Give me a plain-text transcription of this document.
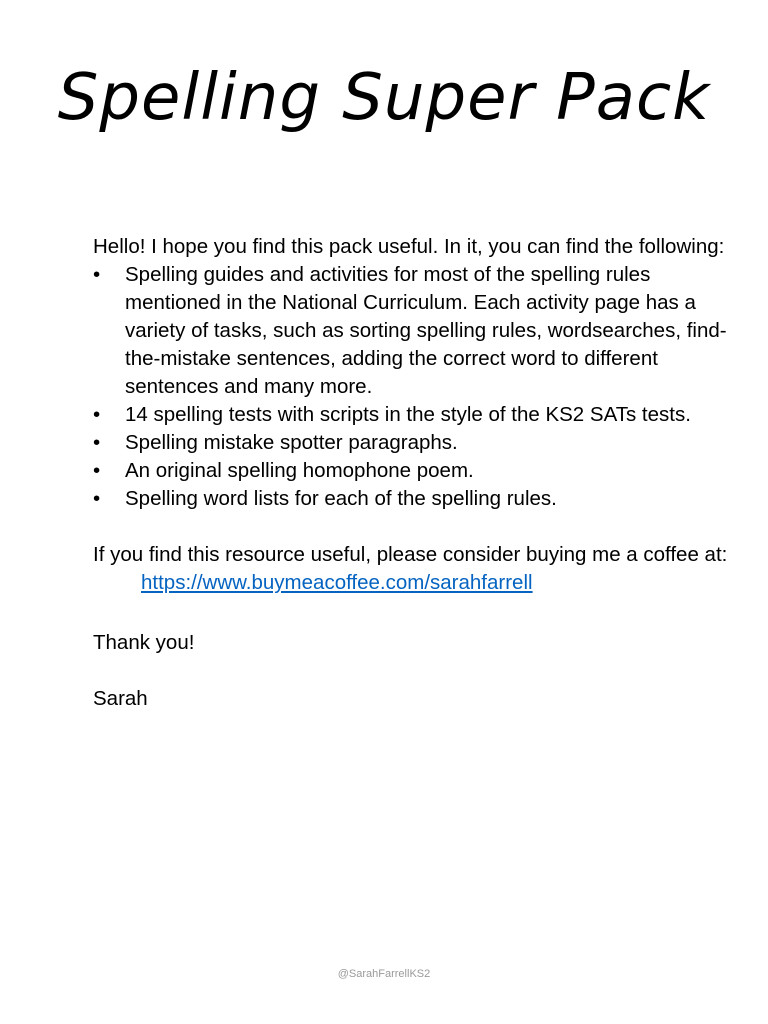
Spelling Super Pack

Hello! I hope you find this pack useful. In it, you can find the following:

• Spelling guides and activities for most of the spelling rules mentioned in the National Curriculum. Each activity page has a variety of tasks, such as sorting spelling rules, wordsearches, find-the-mistake sentences, adding the correct word to different sentences and many more.
• 14 spelling tests with scripts in the style of the KS2 SATs tests.
• Spelling mistake spotter paragraphs.
• An original spelling homophone poem.
• Spelling word lists for each of the spelling rules.

If you find this resource useful, please consider buying me a coffee at:

https://www.buymeacoffee.com/sarahfarrell

Thank you!

Sarah

@SarahFarrellKS2
